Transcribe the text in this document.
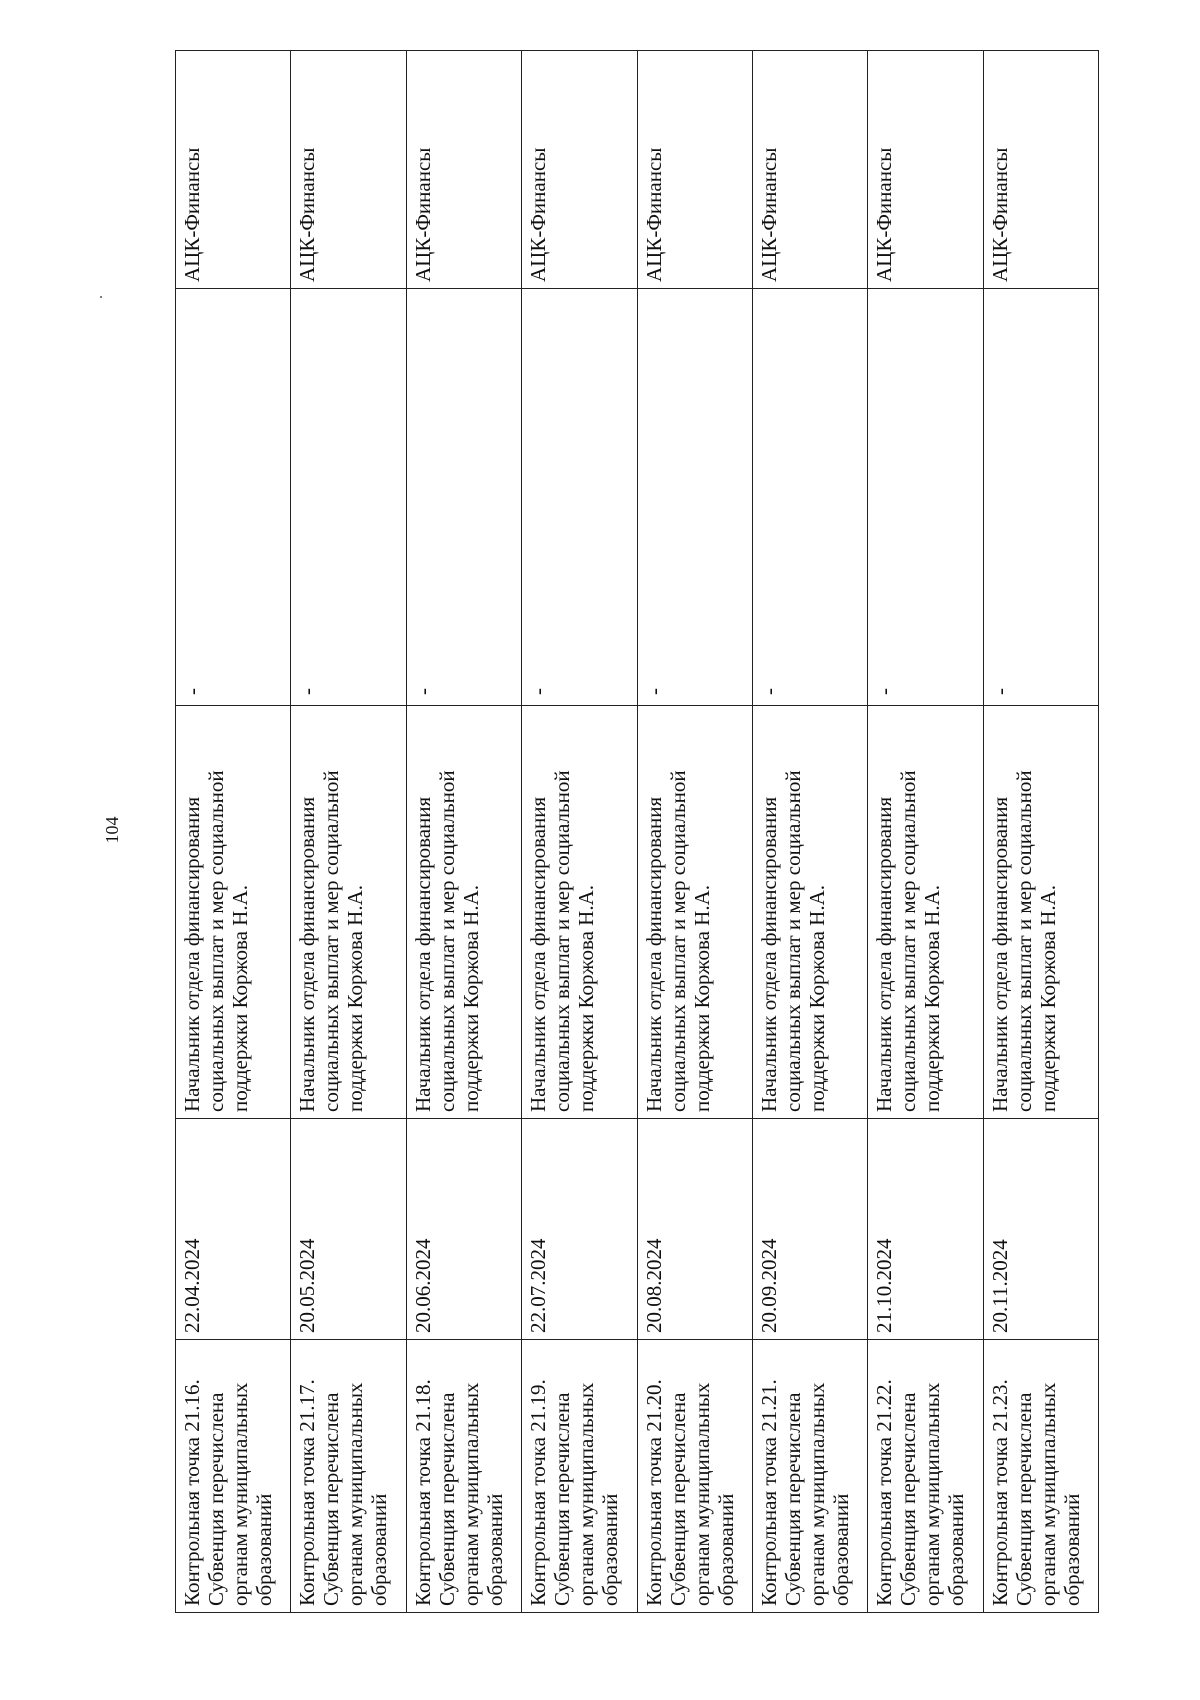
104
Контрольная точка 21.16. Субвенция перечислена органам муниципальных образований	22.04.2024	Начальник отдела финансирования социальных выплат и мер социальной поддержки Коржова Н.А.	-	АЦК-Финансы
Контрольная точка 21.17. Субвенция перечислена органам муниципальных образований	20.05.2024	Начальник отдела финансирования социальных выплат и мер социальной поддержки Коржова Н.А.	-	АЦК-Финансы
Контрольная точка 21.18. Субвенция перечислена органам муниципальных образований	20.06.2024	Начальник отдела финансирования социальных выплат и мер социальной поддержки Коржова Н.А.	-	АЦК-Финансы
Контрольная точка 21.19. Субвенция перечислена органам муниципальных образований	22.07.2024	Начальник отдела финансирования социальных выплат и мер социальной поддержки Коржова Н.А.	-	АЦК-Финансы
Контрольная точка 21.20. Субвенция перечислена органам муниципальных образований	20.08.2024	Начальник отдела финансирования социальных выплат и мер социальной поддержки Коржова Н.А.	-	АЦК-Финансы
Контрольная точка 21.21. Субвенция перечислена органам муниципальных образований	20.09.2024	Начальник отдела финансирования социальных выплат и мер социальной поддержки Коржова Н.А.	-	АЦК-Финансы
Контрольная точка 21.22. Субвенция перечислена органам муниципальных образований	21.10.2024	Начальник отдела финансирования социальных выплат и мер социальной поддержки Коржова Н.А.	-	АЦК-Финансы
Контрольная точка 21.23. Субвенция перечислена органам муниципальных образований	20.11.2024	Начальник отдела финансирования социальных выплат и мер социальной поддержки Коржова Н.А.	-	АЦК-Финансы
